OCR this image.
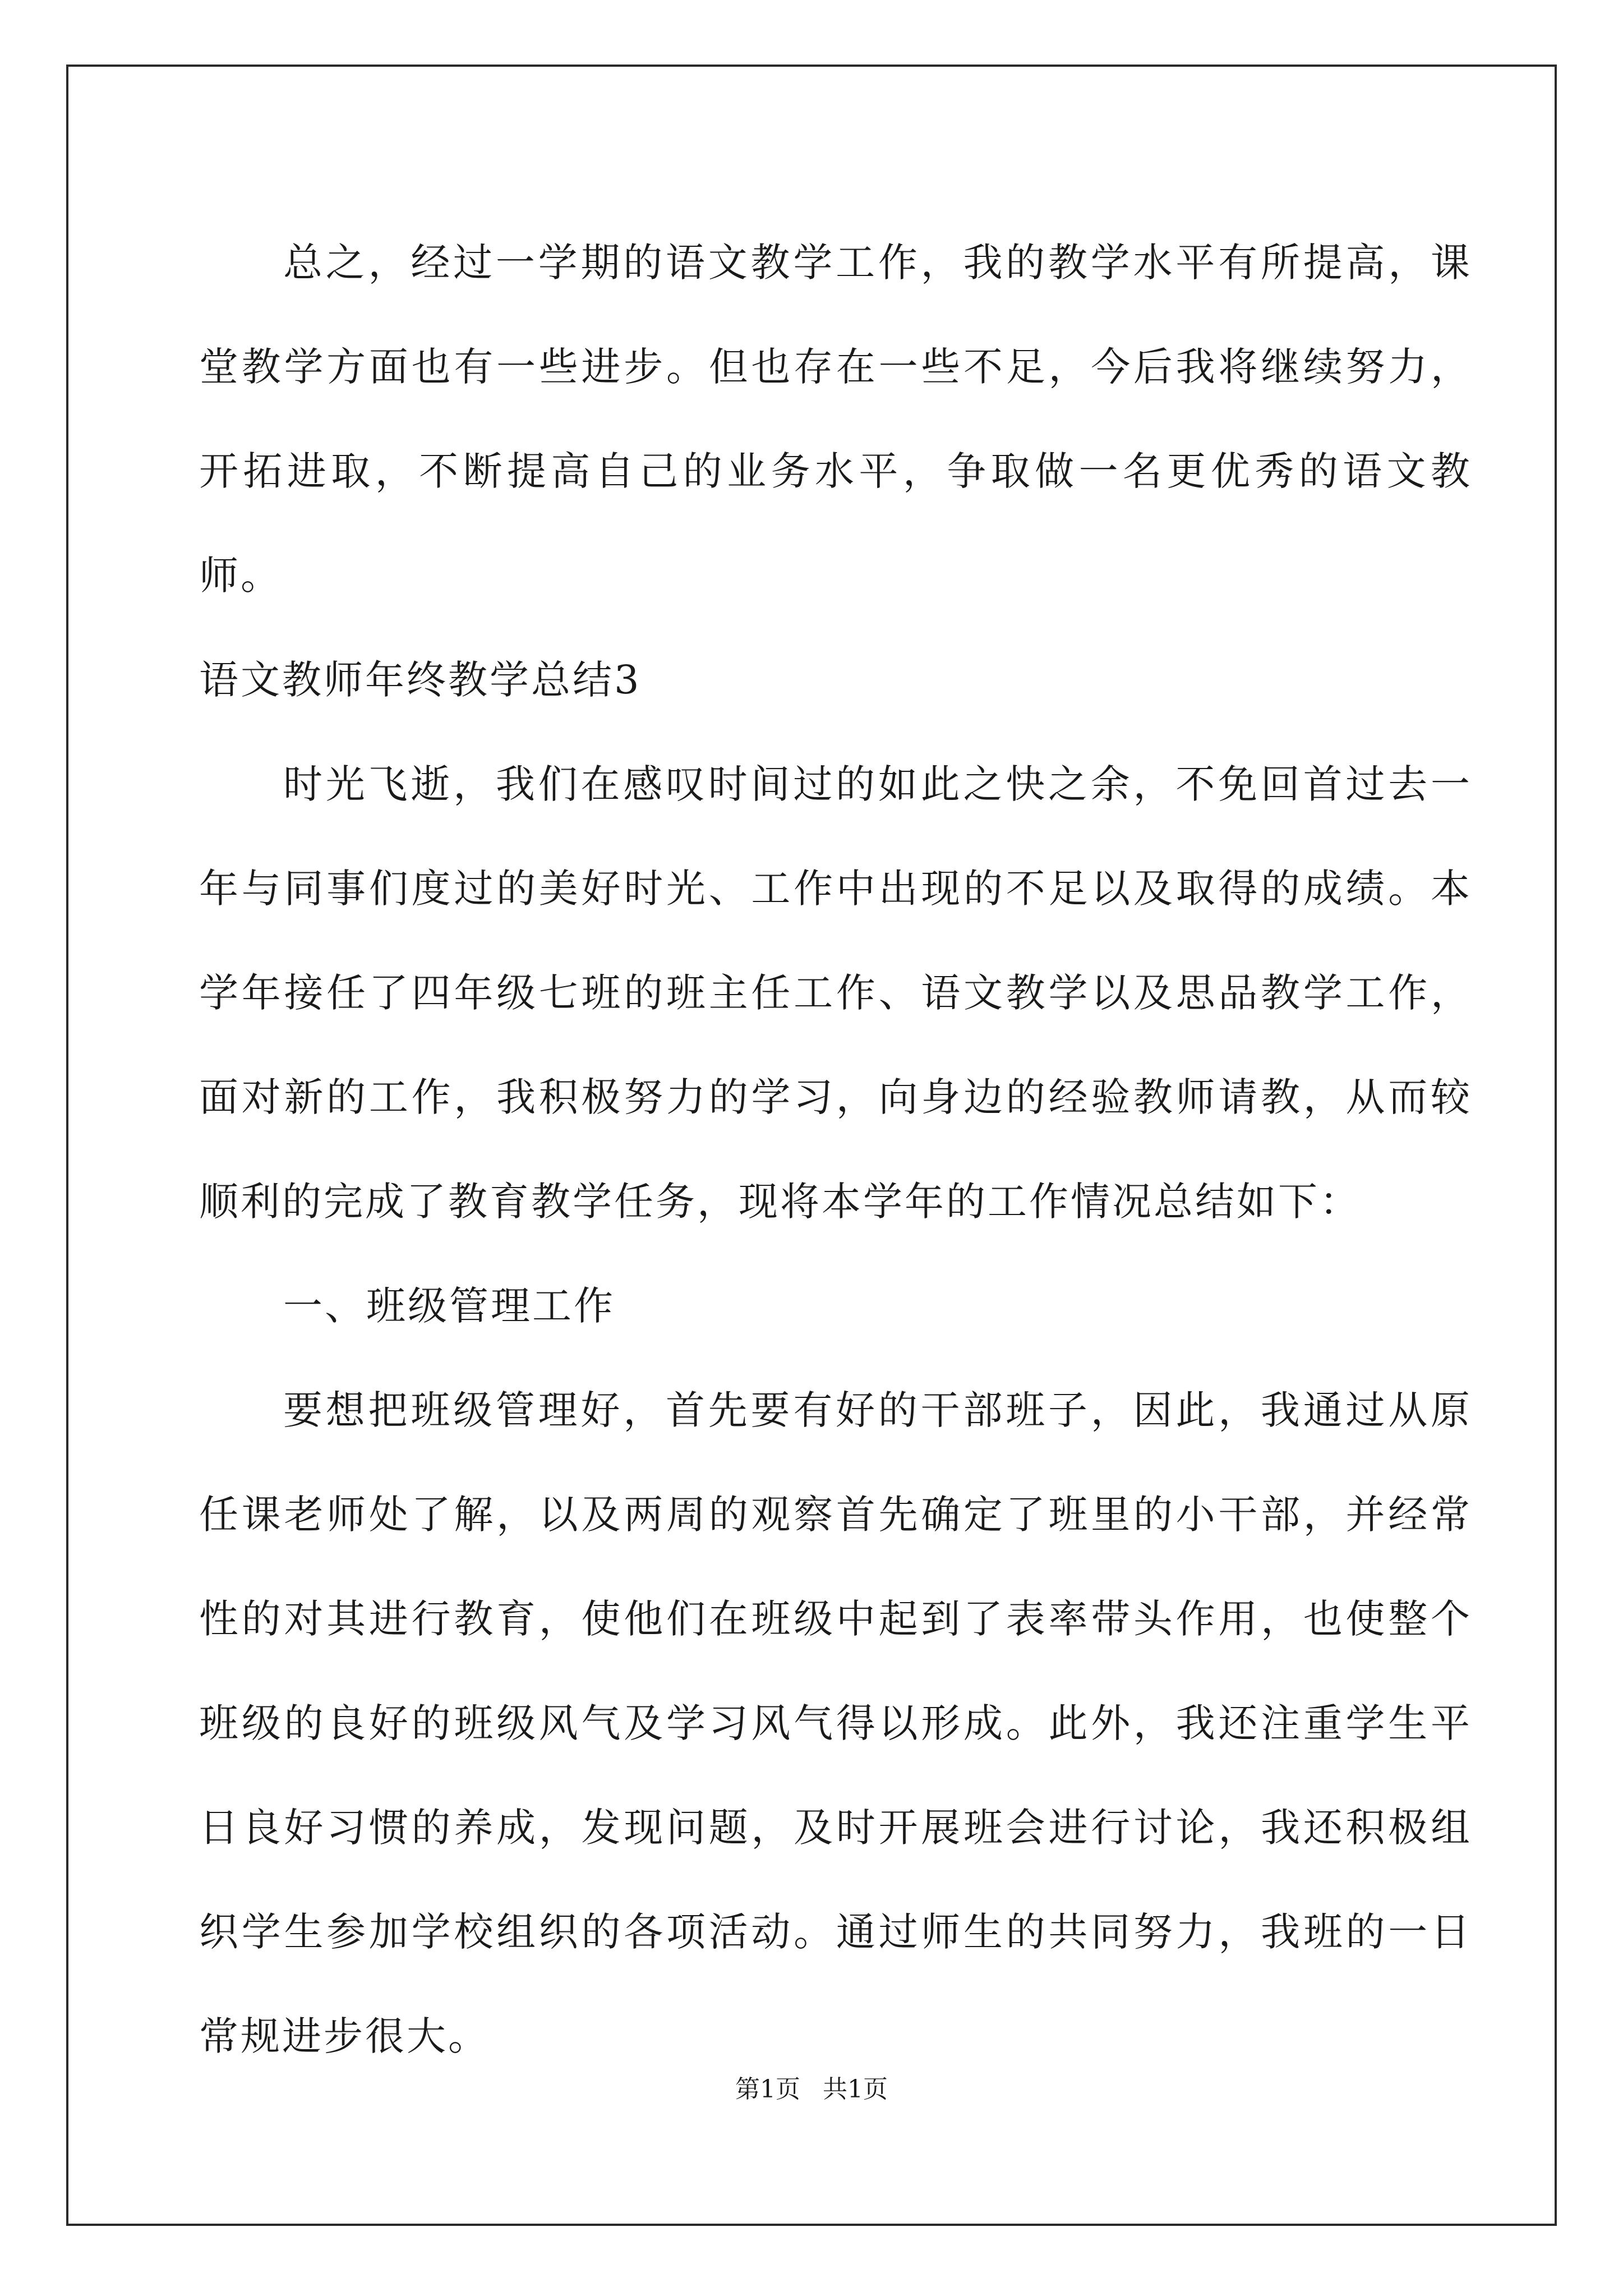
总之，经过一学期的语文教学工作，我的教学水平有所提高，课堂教学方面也有一些进步。但也存在一些不足，今后我将继续努力，开拓进取，不断提高自己的业务水平，争取做一名更优秀的语文教师。

语文教师年终教学总结3

时光飞逝，我们在感叹时间过的如此之快之余，不免回首过去一年与同事们度过的美好时光、工作中出现的不足以及取得的成绩。本学年接任了四年级七班的班主任工作、语文教学以及思品教学工作，面对新的工作，我积极努力的学习，向身边的经验教师请教，从而较顺利的完成了教育教学任务，现将本学年的工作情况总结如下：

一、班级管理工作

要想把班级管理好，首先要有好的干部班子，因此，我通过从原任课老师处了解，以及两周的观察首先确定了班里的小干部，并经常性的对其进行教育，使他们在班级中起到了表率带头作用，也使整个班级的良好的班级风气及学习风气得以形成。此外，我还注重学生平日良好习惯的养成，发现问题，及时开展班会进行讨论，我还积极组织学生参加学校组织的各项活动。通过师生的共同努力，我班的一日常规进步很大。

第1页 共1页
